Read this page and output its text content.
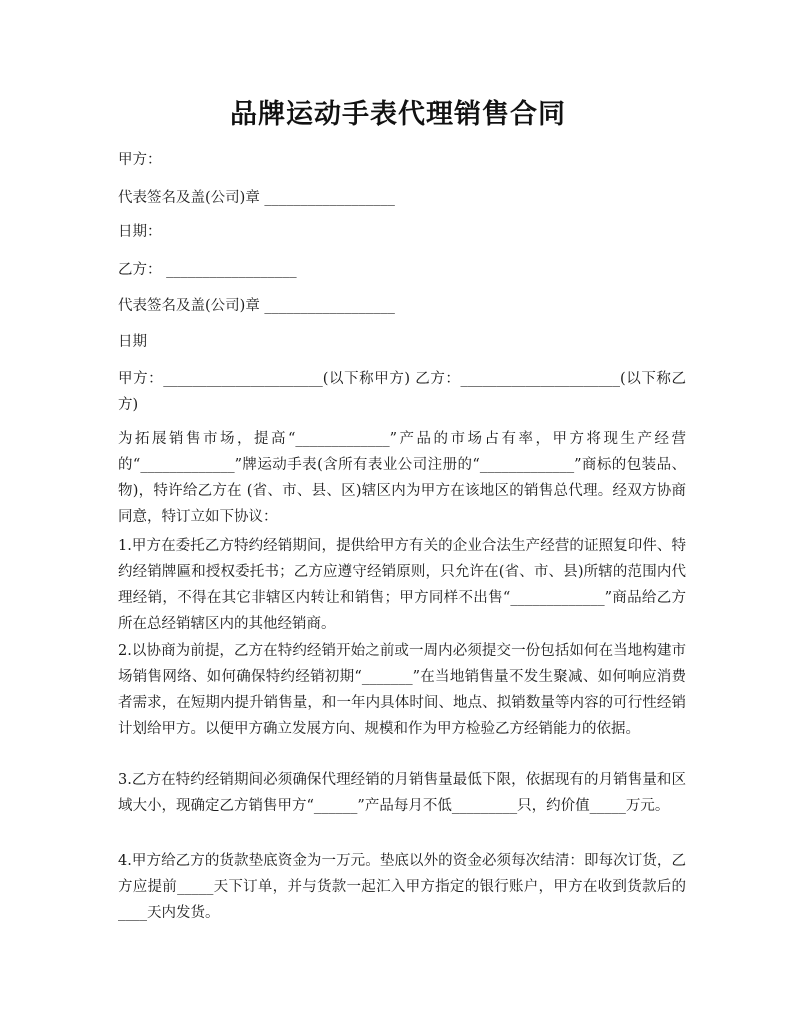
品牌运动手表代理销售合同
甲方：
代表签名及盖(公司)章 __________________
日期：
乙方： __________________
代表签名及盖(公司)章 __________________
日期
甲方：______________________(以下称甲方) 乙方：______________________(以下称乙方)
为拓展销售市场，提高“_____________”产品的市场占有率，甲方将现生产经营的“_____________”牌运动手表(含所有表业公司注册的“_____________”商标的包装品、物)，特许给乙方在 (省、市、县、区)辖区内为甲方在该地区的销售总代理。经双方协商同意，特订立如下协议：
1.甲方在委托乙方特约经销期间，提供给甲方有关的企业合法生产经营的证照复印件、特约经销牌匾和授权委托书；乙方应遵守经销原则，只允许在(省、市、县)所辖的范围内代理经销，不得在其它非辖区内转让和销售；甲方同样不出售“_____________”商品给乙方所在总经销辖区内的其他经销商。
2.以协商为前提，乙方在特约经销开始之前或一周内必须提交一份包括如何在当地构建市场销售网络、如何确保特约经销初期“_______”在当地销售量不发生聚减、如何响应消费者需求，在短期内提升销售量，和一年内具体时间、地点、拟销数量等内容的可行性经销计划给甲方。以便甲方确立发展方向、规模和作为甲方检验乙方经销能力的依据。
3.乙方在特约经销期间必须确保代理经销的月销售量最低下限，依据现有的月销售量和区域大小，现确定乙方销售甲方“______”产品每月不低_________只，约价值_____万元。
4.甲方给乙方的货款垫底资金为一万元。垫底以外的资金必须每次结清：即每次订货，乙方应提前_____天下订单，并与货款一起汇入甲方指定的银行账户，甲方在收到货款后的____天内发货。
